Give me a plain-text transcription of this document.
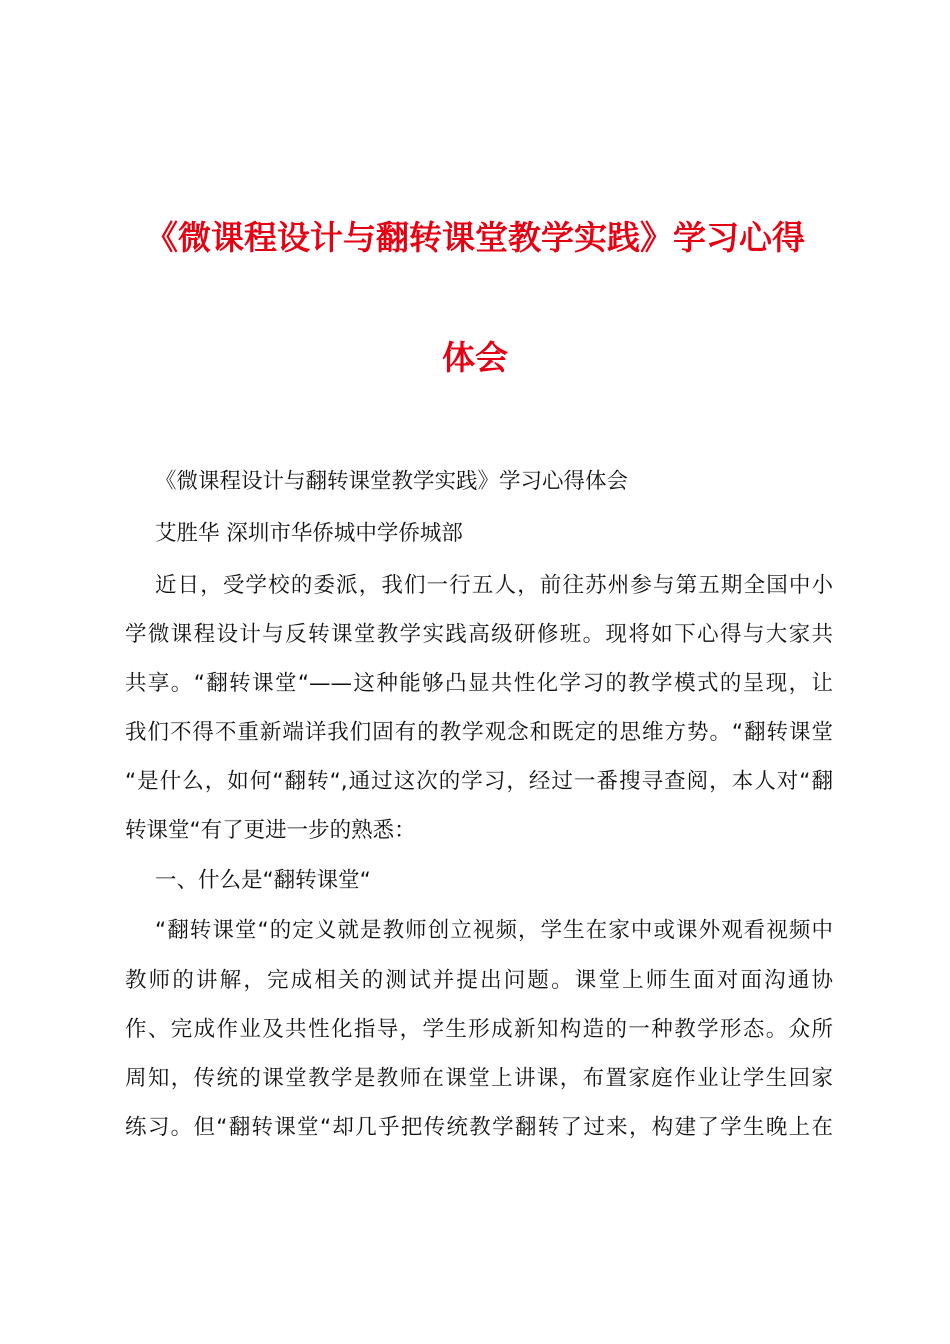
《微课程设计与翻转课堂教学实践》学习心得
体会
《微课程设计与翻转课堂教学实践》学习心得体会
艾胜华 深圳市华侨城中学侨城部
近日，受学校的委派，我们一行五人，前往苏州参与第五期全国中小
学微课程设计与反转课堂教学实践高级研修班。现将如下心得与大家共
共享。“翻转课堂“——这种能够凸显共性化学习的教学模式的呈现，让
我们不得不重新端详我们固有的教学观念和既定的思维方势。“翻转课堂
“是什么，如何“翻转“,通过这次的学习，经过一番搜寻查阅，本人对“翻
转课堂“有了更进一步的熟悉：
一、什么是“翻转课堂“
“翻转课堂“的定义就是教师创立视频，学生在家中或课外观看视频中
教师的讲解，完成相关的测试并提出问题。课堂上师生面对面沟通协
作、完成作业及共性化指导，学生形成新知构造的一种教学形态。众所
周知，传统的课堂教学是教师在课堂上讲课，布置家庭作业让学生回家
练习。但“翻转课堂“却几乎把传统教学翻转了过来，构建了学生晚上在
